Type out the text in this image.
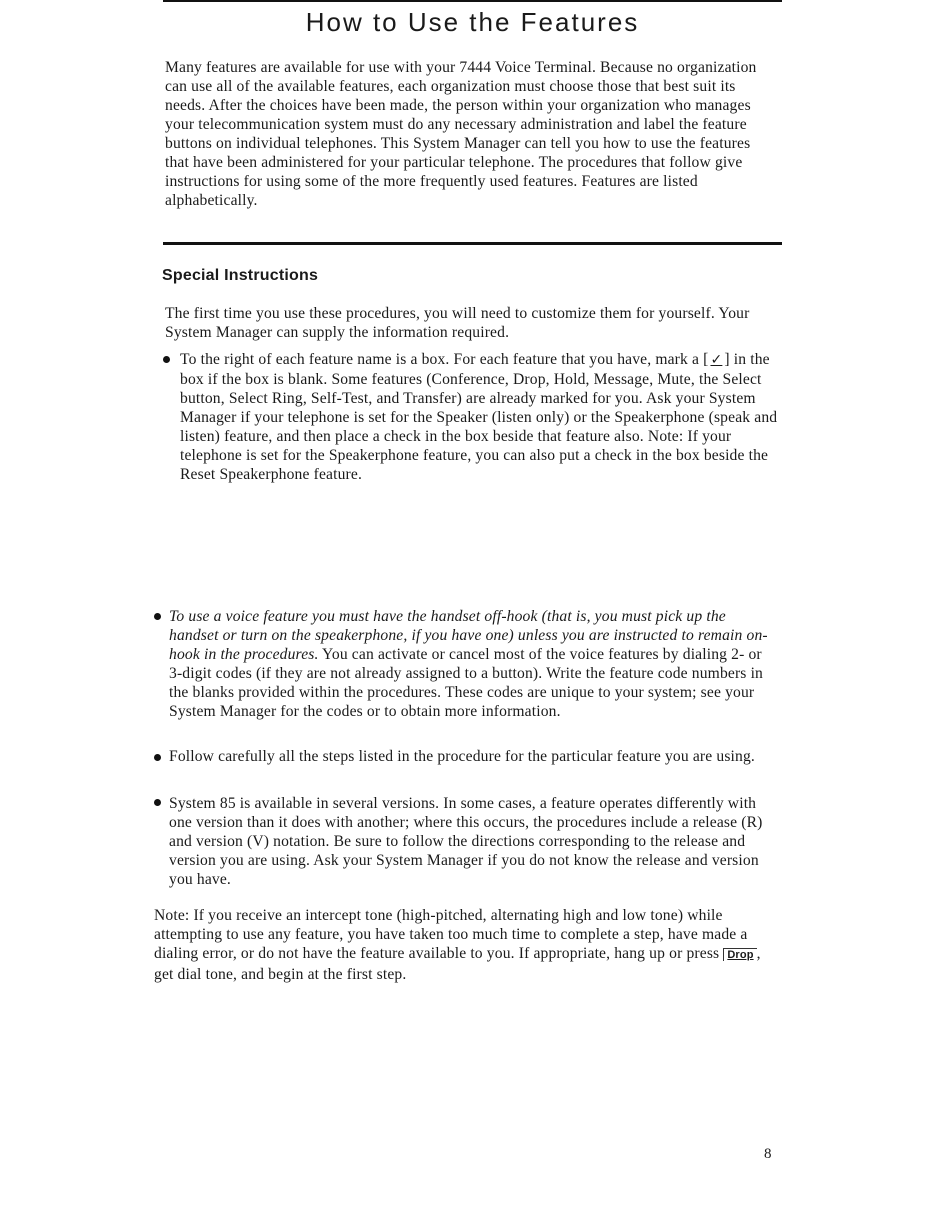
How to Use the Features

Many features are available for use with your 7444 Voice Terminal. Because no organization can use all of the available features, each organization must choose those that best suit its needs. After the choices have been made, the person within your organization who manages your telecommunication system must do any necessary administration and label the feature buttons on individual telephones. This System Manager can tell you how to use the features that have been administered for your particular telephone. The procedures that follow give instructions for using some of the more frequently used features. Features are listed alphabetically.

Special Instructions

The first time you use these procedures, you will need to customize them for yourself. Your System Manager can supply the information required.

To the right of each feature name is a box. For each feature that you have, mark a [ ✓ ] in the box if the box is blank. Some features (Conference, Drop, Hold, Message, Mute, the Select button, Select Ring, Self-Test, and Transfer) are already marked for you. Ask your System Manager if your telephone is set for the Speaker (listen only) or the Speakerphone (speak and listen) feature, and then place a check in the box beside that feature also. Note: If your telephone is set for the Speakerphone feature, you can also put a check in the box beside the Reset Speakerphone feature.

To use a voice feature you must have the handset off-hook (that is, you must pick up the handset or turn on the speakerphone, if you have one) unless you are instructed to remain on-hook in the procedures. You can activate or cancel most of the voice features by dialing 2- or 3-digit codes (if they are not already assigned to a button). Write the feature code numbers in the blanks provided within the procedures. These codes are unique to your system; see your System Manager for the codes or to obtain more information.

Follow carefully all the steps listed in the procedure for the particular feature you are using.

System 85 is available in several versions. In some cases, a feature operates differently with one version than it does with another; where this occurs, the procedures include a release (R) and version (V) notation. Be sure to follow the directions corresponding to the release and version you are using. Ask your System Manager if you do not know the release and version you have.

Note: If you receive an intercept tone (high-pitched, alternating high and low tone) while attempting to use any feature, you have taken too much time to complete a step, have made a dialing error, or do not have the feature available to you. If appropriate, hang up or press Drop , get dial tone, and begin at the first step.

8
